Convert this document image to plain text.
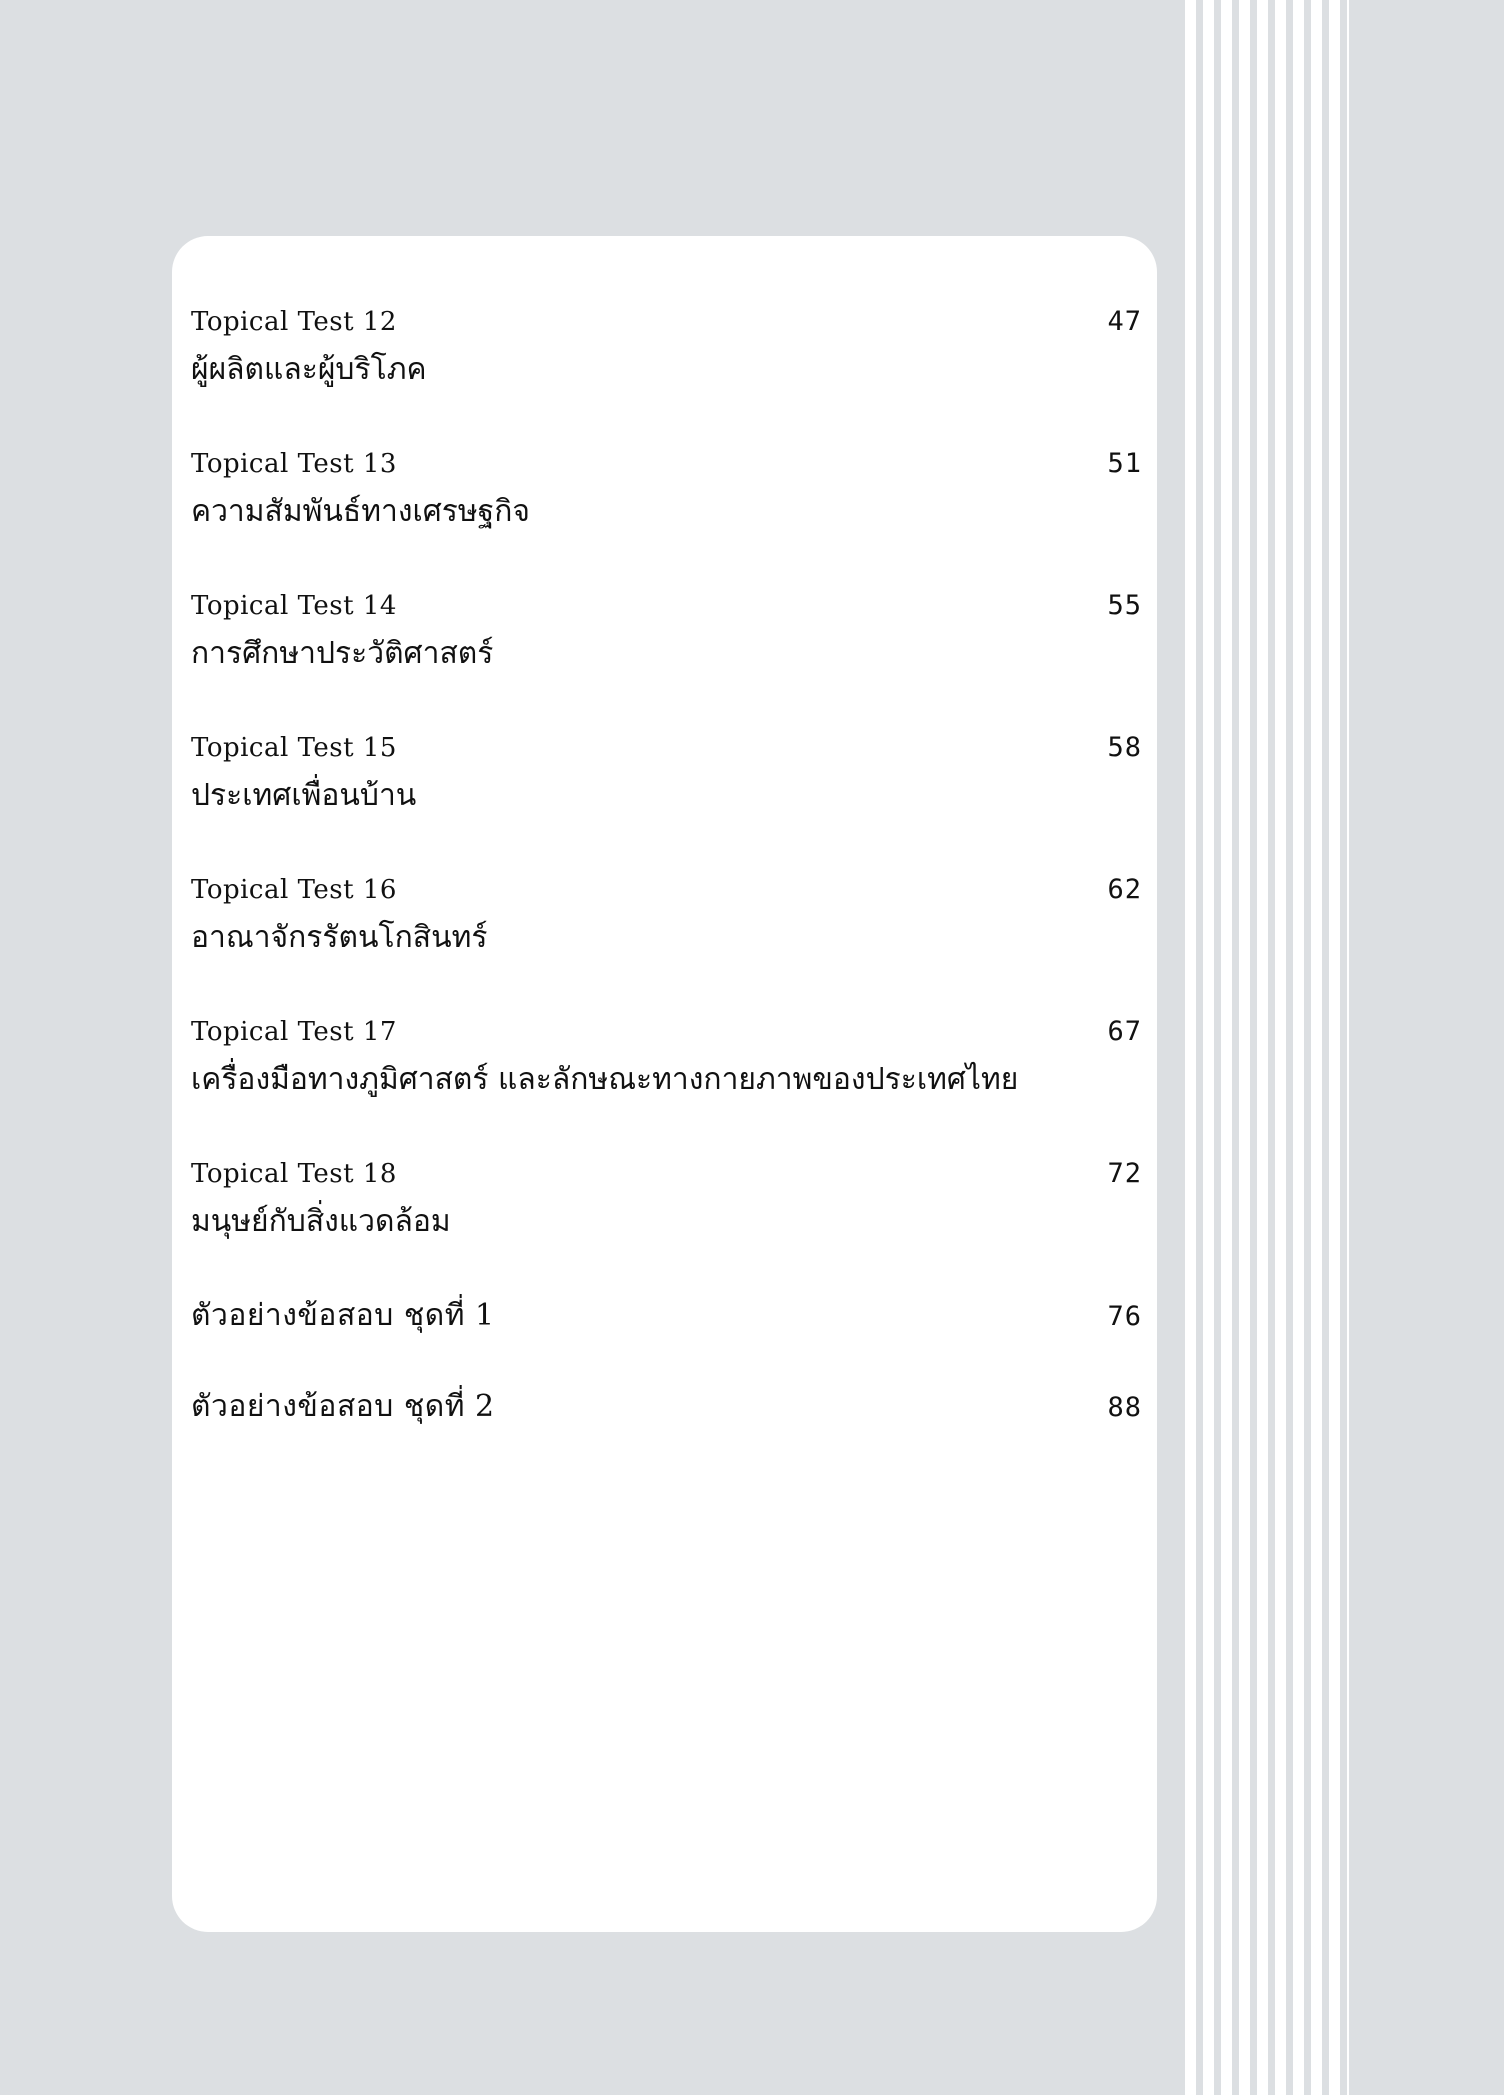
Topical Test 12	47
ผู้ผลิตและผู้บริโภค
Topical Test 13	51
ความสัมพันธ์ทางเศรษฐกิจ
Topical Test 14	55
การศึกษาประวัติศาสตร์
Topical Test 15	58
ประเทศเพื่อนบ้าน
Topical Test 16	62
อาณาจักรรัตนโกสินทร์
Topical Test 17	67
เครื่องมือทางภูมิศาสตร์ และลักษณะทางกายภาพของประเทศไทย
Topical Test 18	72
มนุษย์กับสิ่งแวดล้อม
ตัวอย่างข้อสอบ ชุดที่ 1	76
ตัวอย่างข้อสอบ ชุดที่ 2	88
